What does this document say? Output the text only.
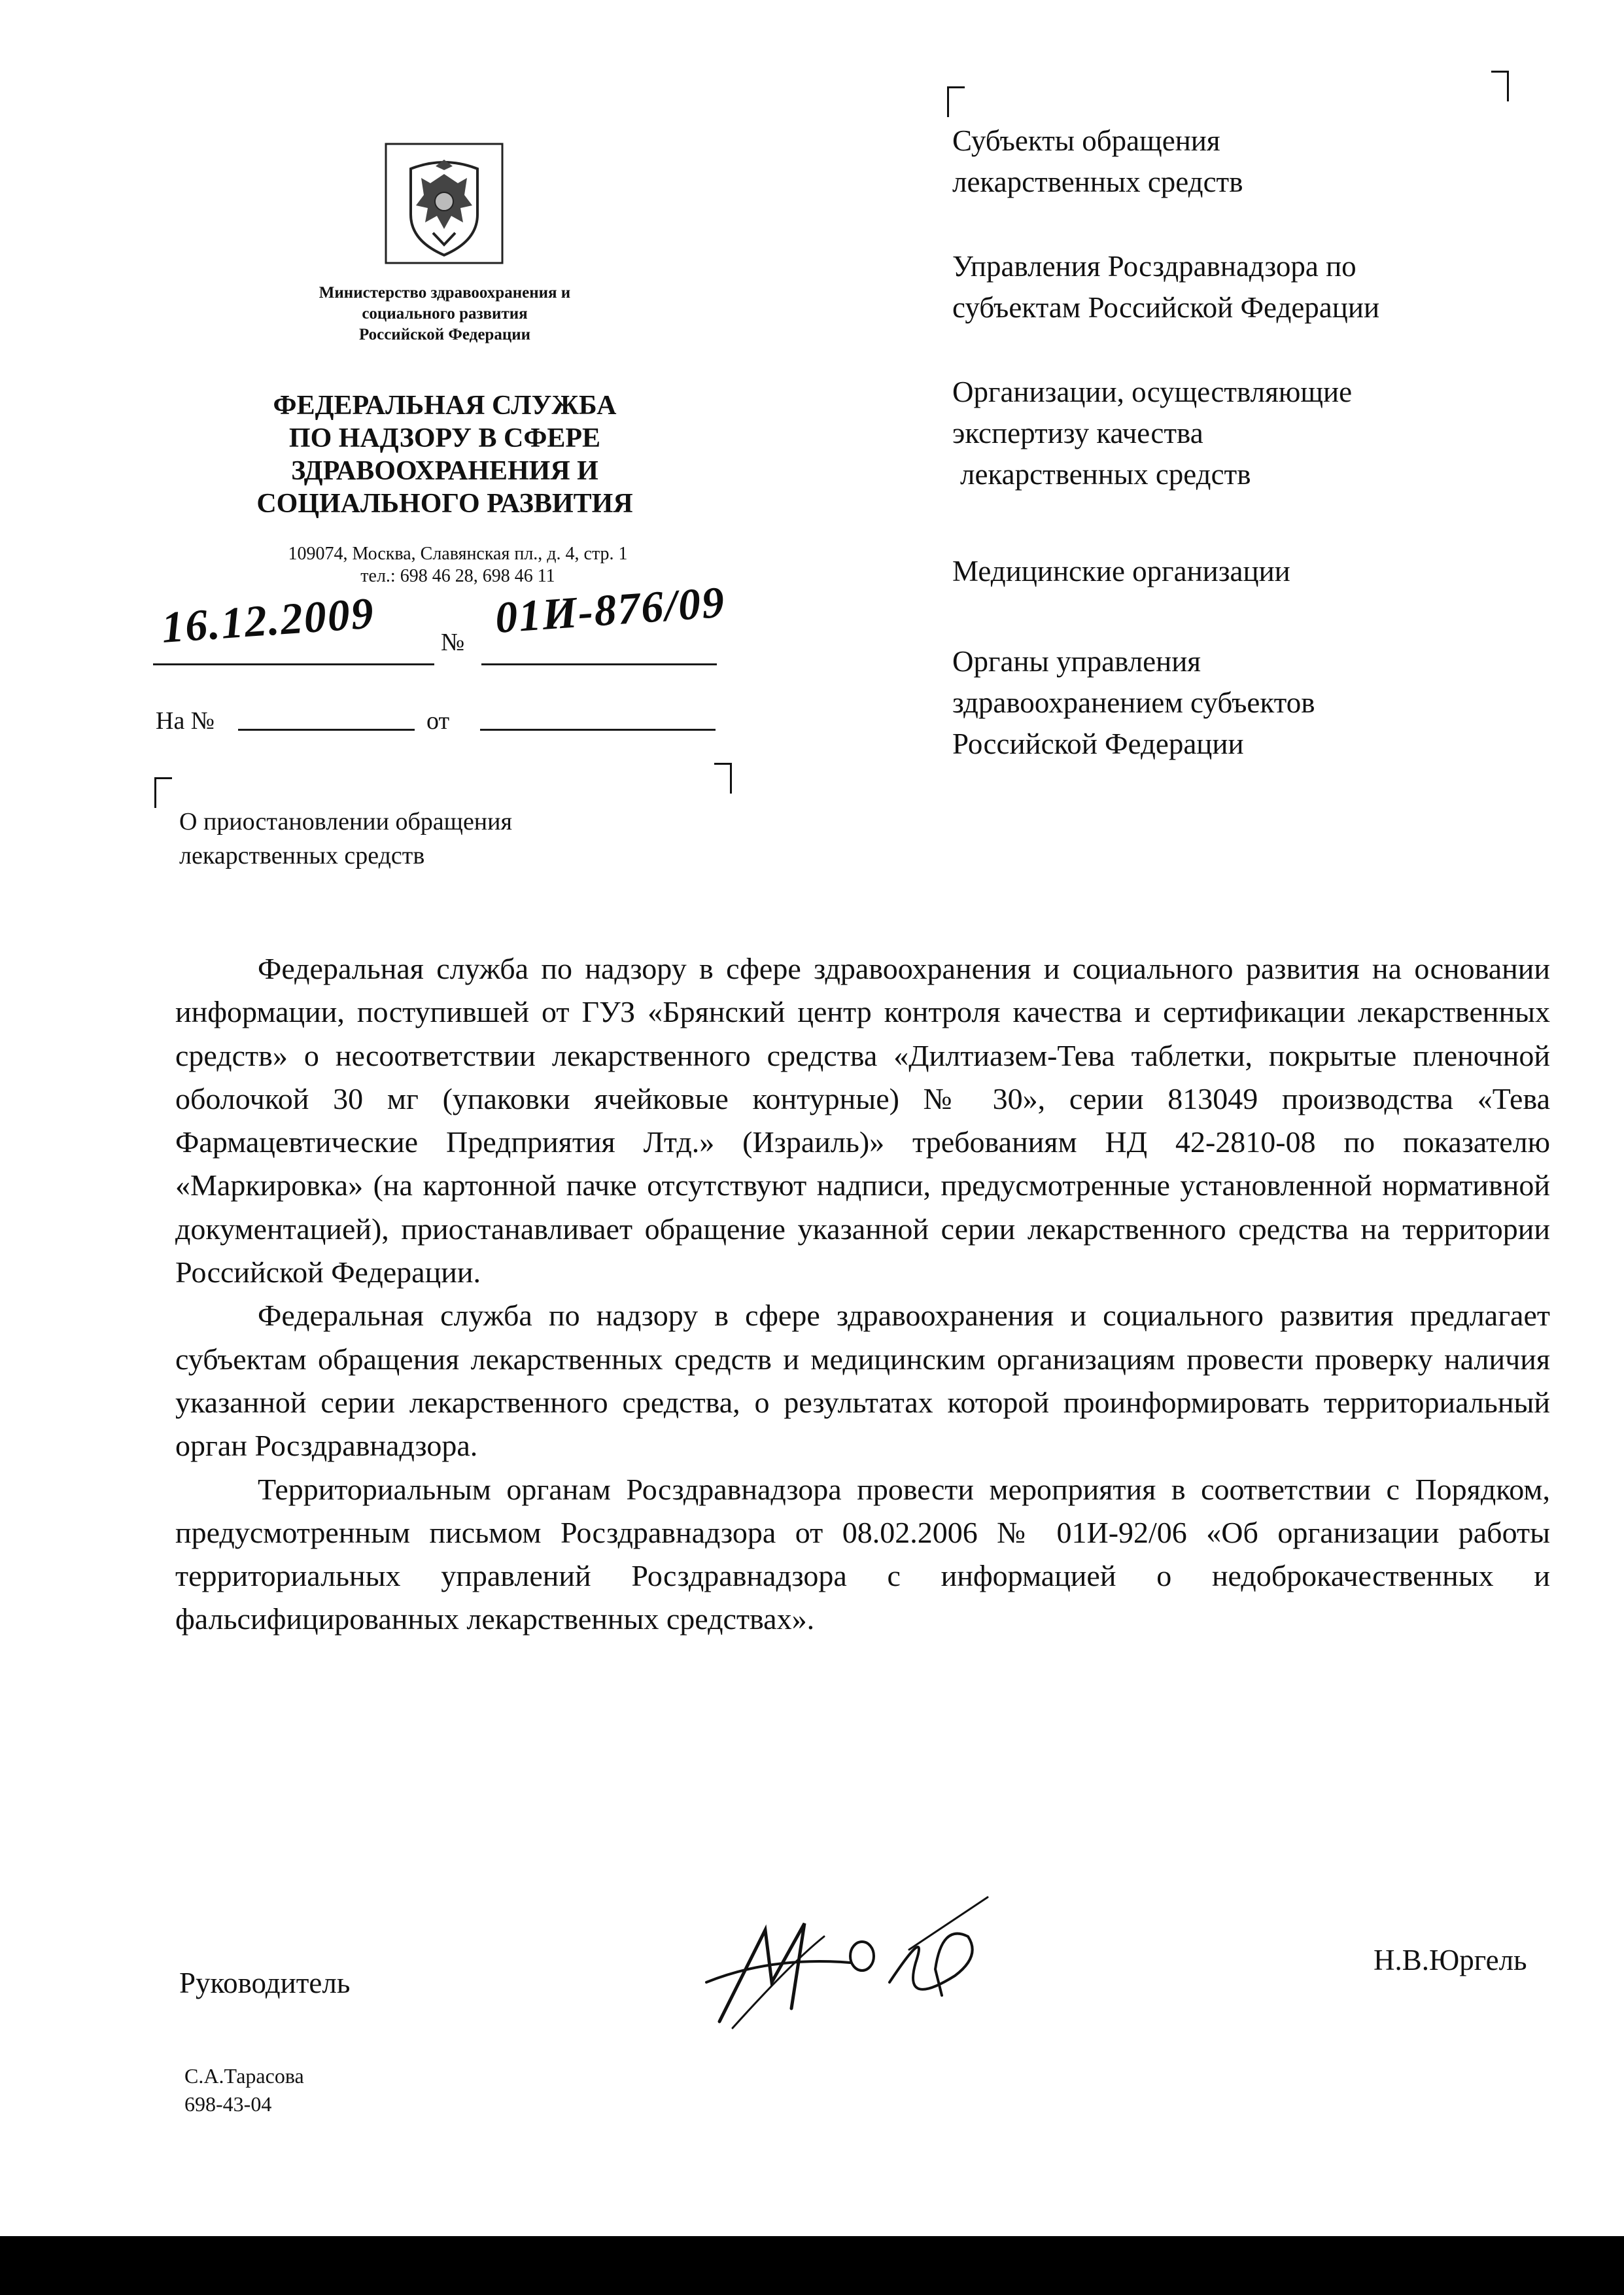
Министерство здравоохранения и
социального развития
Российской Федерации
ФЕДЕРАЛЬНАЯ СЛУЖБА
ПО НАДЗОРУ В СФЕРЕ
ЗДРАВООХРАНЕНИЯ И
СОЦИАЛЬНОГО РАЗВИТИЯ
109074, Москва, Славянская пл., д. 4, стр. 1
тел.: 698 46 28, 698 46 11
16.12.2009	№ 01И-876/09
На №	от
О приостановлении обращения
лекарственных средств
Субъекты обращения
лекарственных средств
Управления Росздравнадзора по
субъектам Российской Федерации
Организации, осуществляющие
экспертизу качества
лекарственных средств
Медицинские организации
Органы управления
здравоохранением субъектов
Российской Федерации

Федеральная служба по надзору в сфере здравоохранения и социального развития на основании информации, поступившей от ГУЗ «Брянский центр контроля качества и сертификации лекарственных средств» о несоответствии лекарственного средства «Дилтиазем-Тева таблетки, покрытые пленочной оболочкой 30 мг (упаковки ячейковые контурные) № 30», серии 813049 производства «Тева Фармацевтические Предприятия Лтд.» (Израиль)» требованиям НД 42-2810-08 по показателю «Маркировка» (на картонной пачке отсутствуют надписи, предусмотренные установленной нормативной документацией), приостанавливает обращение указанной серии лекарственного средства на территории Российской Федерации.

Федеральная служба по надзору в сфере здравоохранения и социального развития предлагает субъектам обращения лекарственных средств и медицинским организациям провести проверку наличия указанной серии лекарственного средства, о результатах которой проинформировать территориальный орган Росздравнадзора.

Территориальным органам Росздравнадзора провести мероприятия в соответствии с Порядком, предусмотренным письмом Росздравнадзора от 08.02.2006 № 01И-92/06 «Об организации работы территориальных управлений Росздравнадзора с информацией о недоброкачественных и фальсифицированных лекарственных средствах».

Руководитель
Н.В.Юргель
С.А.Тарасова
698-43-04
